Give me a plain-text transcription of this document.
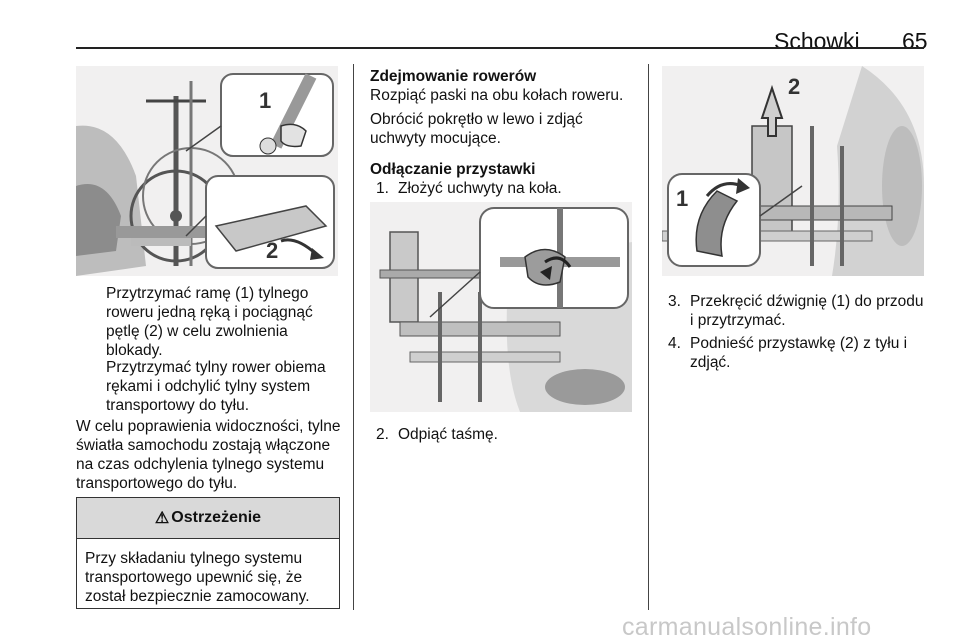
Schowki 65
1
2
Przytrzymać ramę (1) tylnego roweru jedną ręką i pociągnąć pętlę (2) w celu zwolnienia blokady.
Przytrzymać tylny rower obiema rękami i odchylić tylny system transportowy do tyłu.
W celu poprawienia widoczności, tylne światła samochodu zostają włączone na czas odchylenia tylnego systemu transportowego do tyłu.
⚠ Ostrzeżenie
Przy składaniu tylnego systemu transportowego upewnić się, że został bezpiecznie zamocowany.
Zdejmowanie rowerów
Rozpiąć paski na obu kołach roweru.
Obrócić pokrętło w lewo i zdjąć uchwyty mocujące.
Odłączanie przystawki
1. Złożyć uchwyty na koła.
2. Odpiąć taśmę.
2
1
3. Przekręcić dźwignię (1) do przodu i przytrzymać.
4. Podnieść przystawkę (2) z tyłu i zdjąć.
carmanualsonline.info
